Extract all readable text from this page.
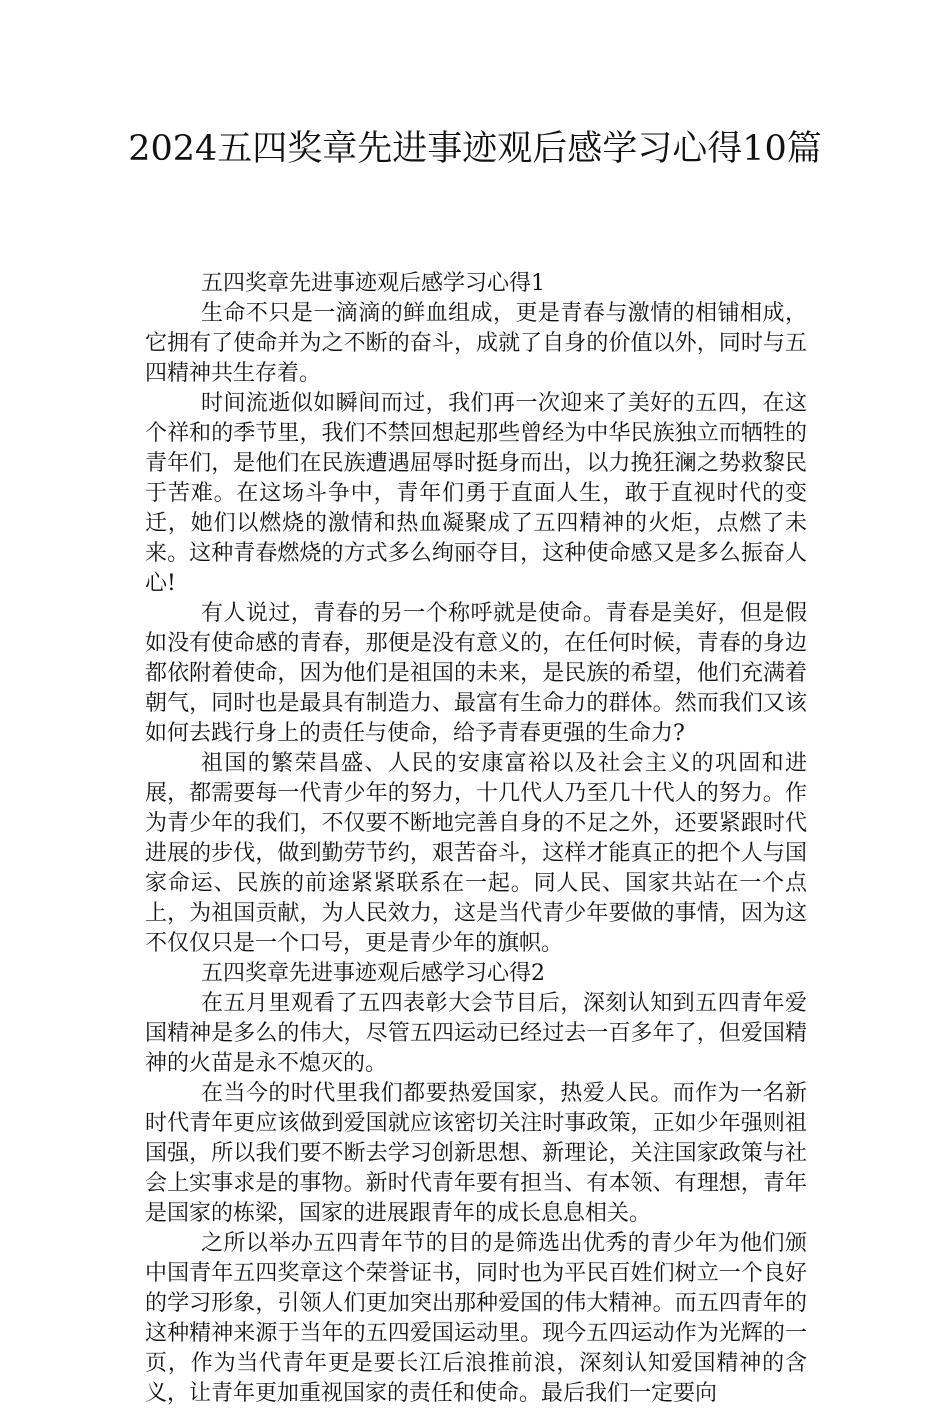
2024五四奖章先进事迹观后感学习心得10篇

五四奖章先进事迹观后感学习心得1

生命不只是一滴滴的鲜血组成，更是青春与激情的相铺相成，它拥有了使命并为之不断的奋斗，成就了自身的价值以外，同时与五四精神共生存着。

时间流逝似如瞬间而过，我们再一次迎来了美好的五四，在这个祥和的季节里，我们不禁回想起那些曾经为中华民族独立而牺牲的青年们，是他们在民族遭遇屈辱时挺身而出，以力挽狂澜之势救黎民于苦难。在这场斗争中，青年们勇于直面人生，敢于直视时代的变迁，她们以燃烧的激情和热血凝聚成了五四精神的火炬，点燃了未来。这种青春燃烧的方式多么绚丽夺目，这种使命感又是多么振奋人心!

有人说过，青春的另一个称呼就是使命。青春是美好，但是假如没有使命感的青春，那便是没有意义的，在任何时候，青春的身边都依附着使命，因为他们是祖国的未来，是民族的希望，他们充满着朝气，同时也是最具有制造力、最富有生命力的群体。然而我们又该如何去践行身上的责任与使命，给予青春更强的生命力?

祖国的繁荣昌盛、人民的安康富裕以及社会主义的巩固和进展，都需要每一代青少年的努力，十几代人乃至几十代人的努力。作为青少年的我们，不仅要不断地完善自身的不足之外，还要紧跟时代进展的步伐，做到勤劳节约，艰苦奋斗，这样才能真正的把个人与国家命运、民族的前途紧紧联系在一起。同人民、国家共站在一个点上，为祖国贡献，为人民效力，这是当代青少年要做的事情，因为这不仅仅只是一个口号，更是青少年的旗帜。

五四奖章先进事迹观后感学习心得2

在五月里观看了五四表彰大会节目后，深刻认知到五四青年爱国精神是多么的伟大，尽管五四运动已经过去一百多年了，但爱国精神的火苗是永不熄灭的。

在当今的时代里我们都要热爱国家，热爱人民。而作为一名新时代青年更应该做到爱国就应该密切关注时事政策，正如少年强则祖国强，所以我们要不断去学习创新思想、新理论，关注国家政策与社会上实事求是的事物。新时代青年要有担当、有本领、有理想，青年是国家的栋梁，国家的进展跟青年的成长息息相关。

之所以举办五四青年节的目的是筛选出优秀的青少年为他们颁中国青年五四奖章这个荣誉证书，同时也为平民百姓们树立一个良好的学习形象，引领人们更加突出那种爱国的伟大精神。而五四青年的这种精神来源于当年的五四爱国运动里。现今五四运动作为光辉的一页，作为当代青年更是要长江后浪推前浪，深刻认知爱国精神的含义，让青年更加重视国家的责任和使命。最后我们一定要向
